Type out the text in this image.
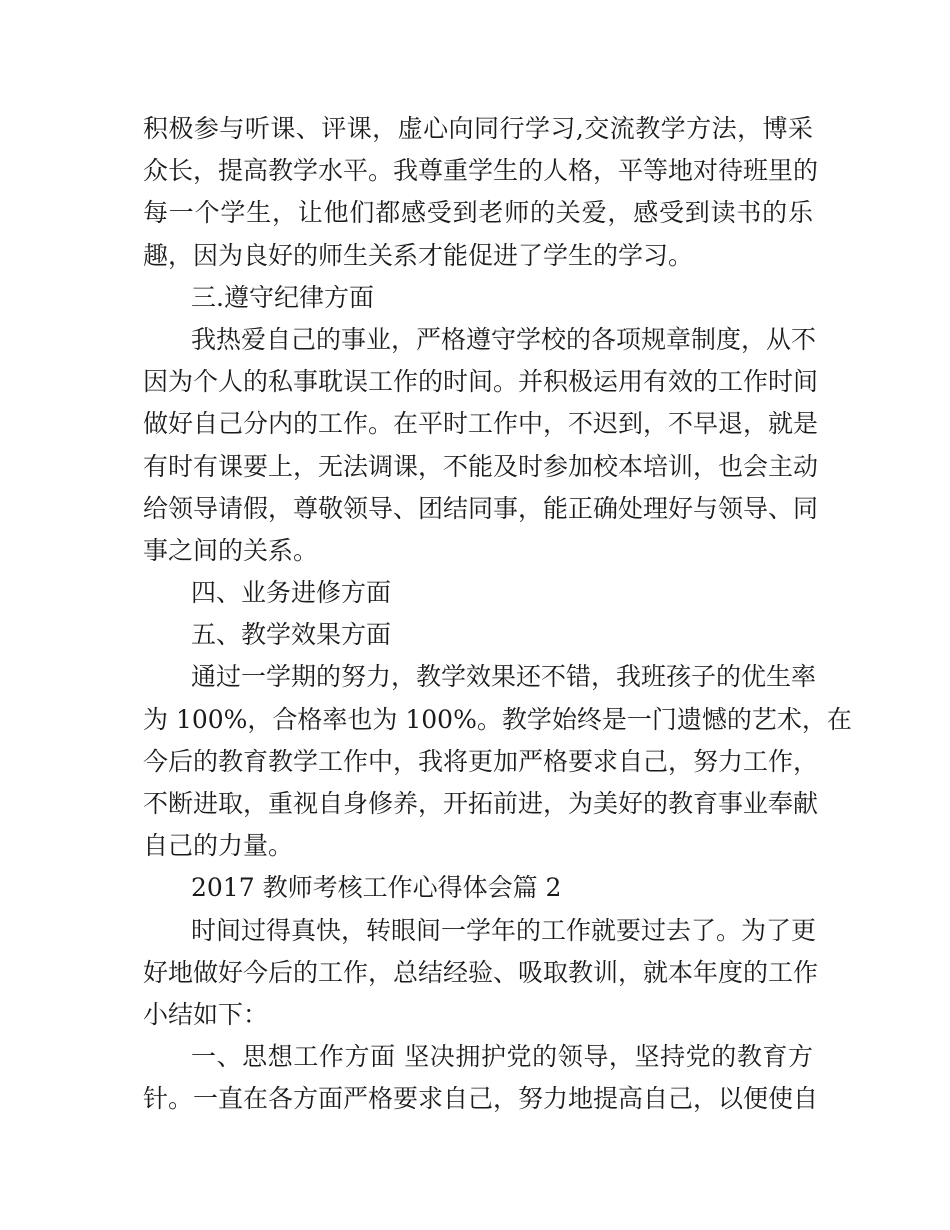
积极参与听课、评课，虚心向同行学习,交流教学方法，博采
众长，提高教学水平。我尊重学生的人格，平等地对待班里的
每一个学生，让他们都感受到老师的关爱，感受到读书的乐
趣，因为良好的师生关系才能促进了学生的学习。
三.遵守纪律方面
我热爱自己的事业，严格遵守学校的各项规章制度，从不
因为个人的私事耽误工作的时间。并积极运用有效的工作时间
做好自己分内的工作。在平时工作中，不迟到，不早退，就是
有时有课要上，无法调课，不能及时参加校本培训，也会主动
给领导请假，尊敬领导、团结同事，能正确处理好与领导、同
事之间的关系。
四、业务进修方面
五、教学效果方面
通过一学期的努力，教学效果还不错，我班孩子的优生率
为 100%，合格率也为 100%。教学始终是一门遗憾的艺术，在
今后的教育教学工作中，我将更加严格要求自己，努力工作，
不断进取，重视自身修养，开拓前进，为美好的教育事业奉献
自己的力量。
2017 教师考核工作心得体会篇 2
时间过得真快，转眼间一学年的工作就要过去了。为了更
好地做好今后的工作，总结经验、吸取教训，就本年度的工作
小结如下：
一、思想工作方面 坚决拥护党的领导，坚持党的教育方
针。一直在各方面严格要求自己，努力地提高自己，以便使自
